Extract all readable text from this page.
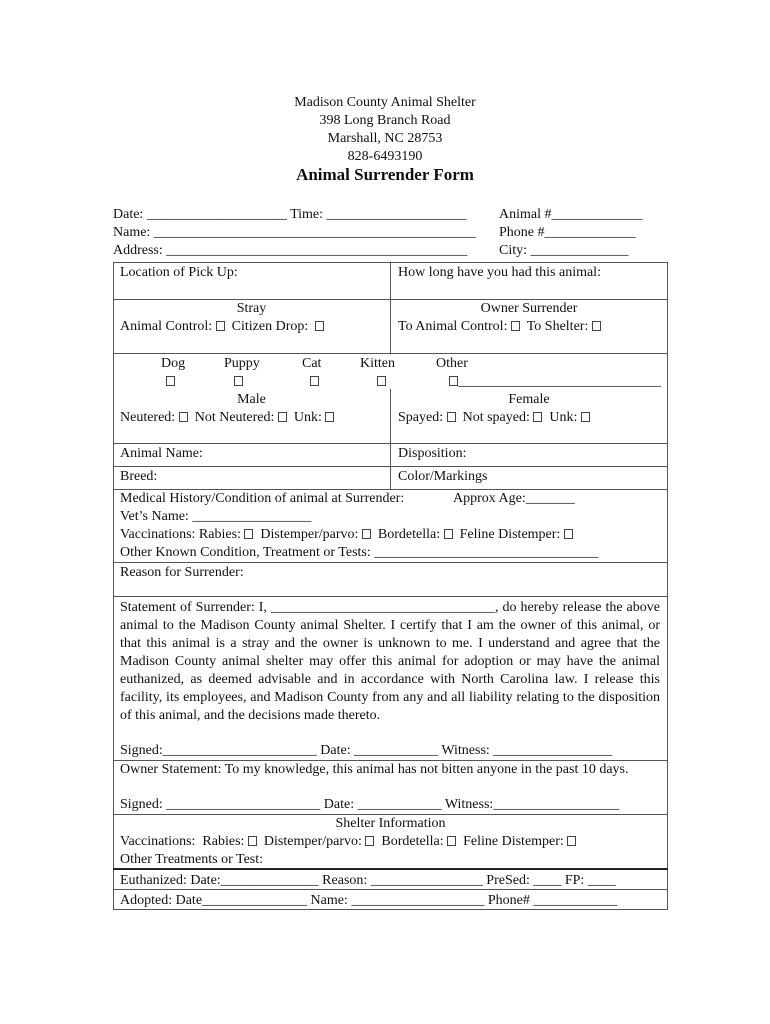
Madison County Animal Shelter
398 Long Branch Road
Marshall, NC 28753
828-6493190
Animal Surrender Form
Date: ____________________ Time: ____________________ Animal #_____________
Name: ______________________________________________ Phone #_____________
Address: ___________________________________________ City: ______________
Location of Pick Up:	How long have you had this animal:
Stray
Animal Control: Citizen Drop:
Owner Surrender
To Animal Control: To Shelter:
Dog	Puppy	Cat	Kitten	Other
_____________________________
Male
Neutered: Not Neutered: Unk:
Female
Spayed: Not spayed: Unk:
Animal Name:	Disposition:
Breed:	Color/Markings
Medical History/Condition of animal at Surrender:	Approx Age:_______
Vet’s Name: _________________
Vaccinations: Rabies: Distemper/parvo: Bordetella: Feline Distemper:
Other Known Condition, Treatment or Tests: ________________________________
Reason for Surrender:
Statement of Surrender: I, ________________________________, do hereby release the above animal to the Madison County animal Shelter. I certify that I am the owner of this animal, or that this animal is a stray and the owner is unknown to me. I understand and agree that the Madison County animal shelter may offer this animal for adoption or may have the animal euthanized, as deemed advisable and in accordance with North Carolina law. I release this facility, its employees, and Madison County from any and all liability relating to the disposition of this animal, and the decisions made thereto.
Signed:______________________ Date: ____________ Witness: _________________
Owner Statement: To my knowledge, this animal has not bitten anyone in the past 10 days.
Signed: ______________________ Date: ____________ Witness:__________________
Shelter Information
Vaccinations:  Rabies: Distemper/parvo: Bordetella: Feline Distemper:
Other Treatments or Test:
Euthanized: Date:______________ Reason: ________________ PreSed: ____ FP: ____
Adopted: Date_______________ Name: ___________________ Phone# ____________
